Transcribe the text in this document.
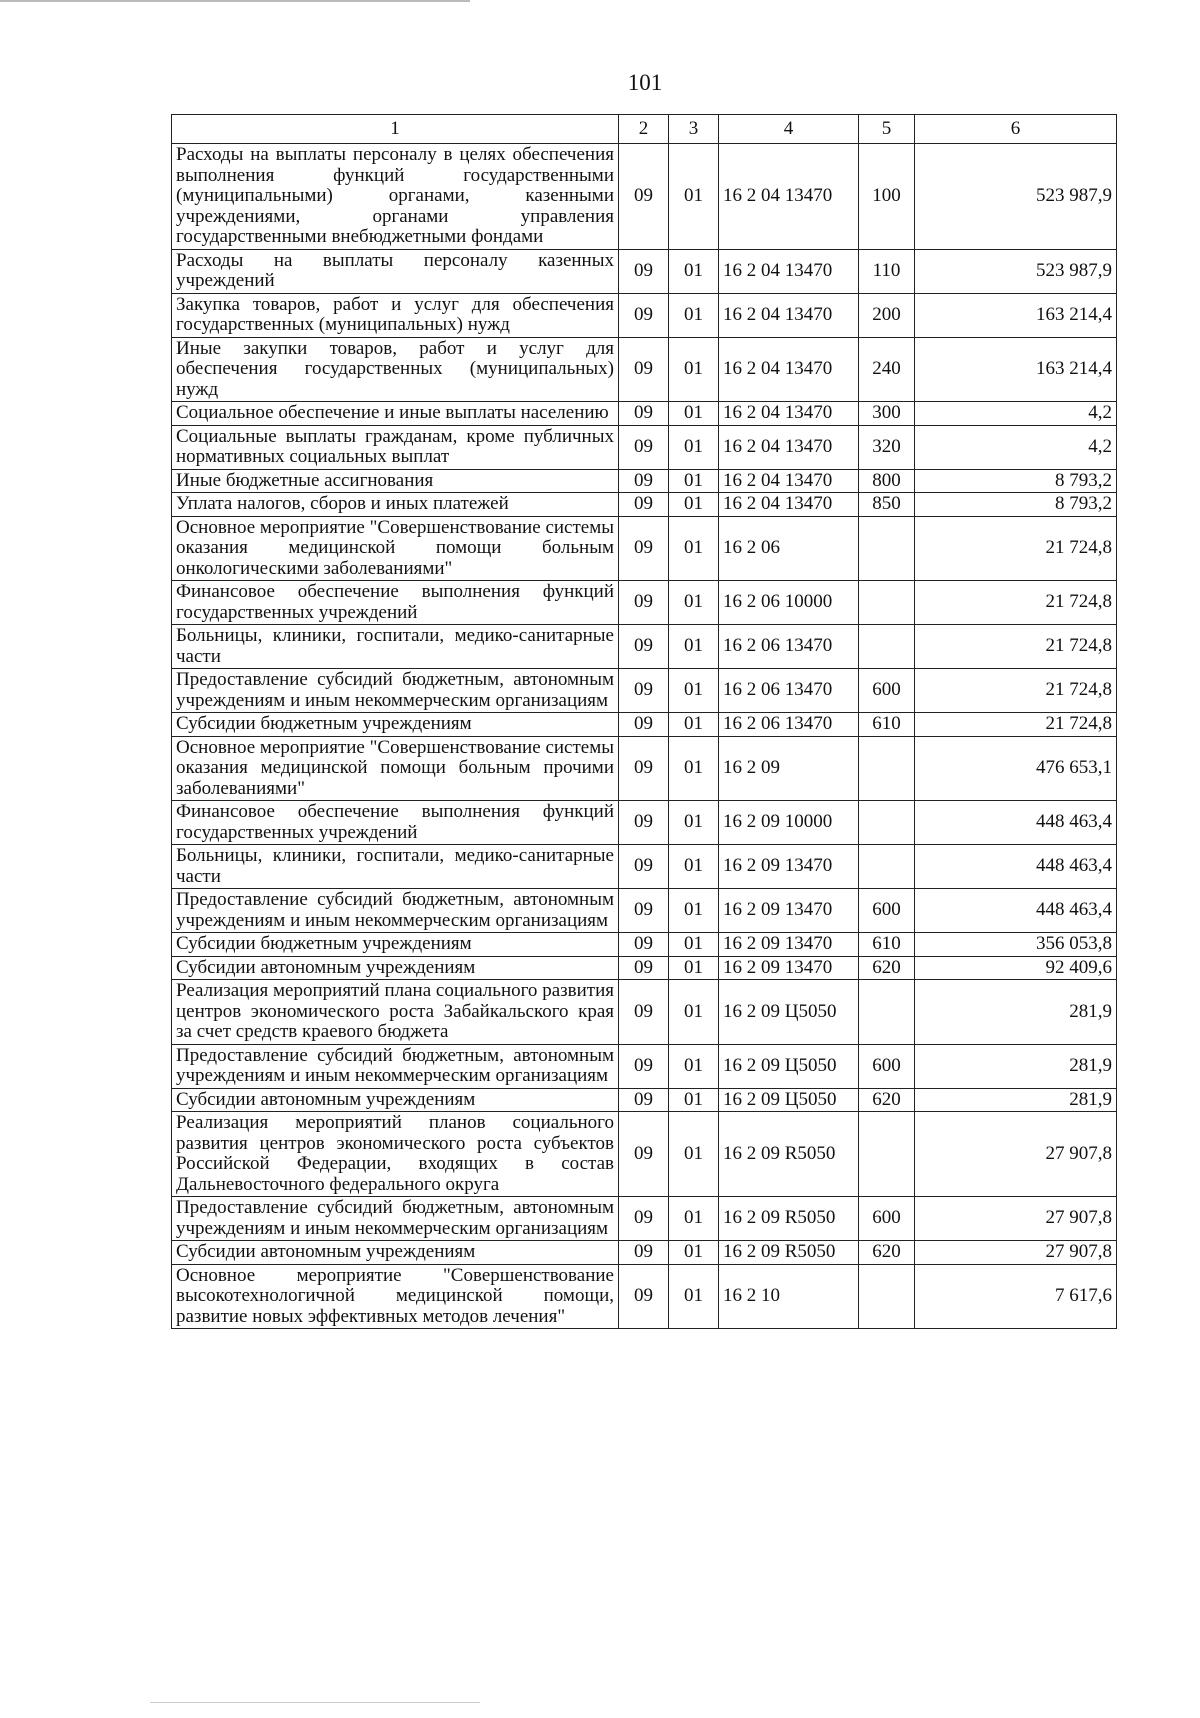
101
1	2	3	4	5	6
Расходы на выплаты персоналу в целях обеспечения выполнения функций государственными (муниципальными) органами, казенными учреждениями, органами управления государственными внебюджетными фондами	09	01	16 2 04 13470	100	523 987,9
Расходы на выплаты персоналу казенных учреждений	09	01	16 2 04 13470	110	523 987,9
Закупка товаров, работ и услуг для обеспечения государственных (муниципальных) нужд	09	01	16 2 04 13470	200	163 214,4
Иные закупки товаров, работ и услуг для обеспечения государственных (муниципальных) нужд	09	01	16 2 04 13470	240	163 214,4
Социальное обеспечение и иные выплаты населению	09	01	16 2 04 13470	300	4,2
Социальные выплаты гражданам, кроме публичных нормативных социальных выплат	09	01	16 2 04 13470	320	4,2
Иные бюджетные ассигнования	09	01	16 2 04 13470	800	8 793,2
Уплата налогов, сборов и иных платежей	09	01	16 2 04 13470	850	8 793,2
Основное мероприятие "Совершенствование системы оказания медицинской помощи больным онкологическими заболеваниями"	09	01	16 2 06		21 724,8
Финансовое обеспечение выполнения функций государственных учреждений	09	01	16 2 06 10000		21 724,8
Больницы, клиники, госпитали, медико-санитарные части	09	01	16 2 06 13470		21 724,8
Предоставление субсидий бюджетным, автономным учреждениям и иным некоммерческим организациям	09	01	16 2 06 13470	600	21 724,8
Субсидии бюджетным учреждениям	09	01	16 2 06 13470	610	21 724,8
Основное мероприятие "Совершенствование системы оказания медицинской помощи больным прочими заболеваниями"	09	01	16 2 09		476 653,1
Финансовое обеспечение выполнения функций государственных учреждений	09	01	16 2 09 10000		448 463,4
Больницы, клиники, госпитали, медико-санитарные части	09	01	16 2 09 13470		448 463,4
Предоставление субсидий бюджетным, автономным учреждениям и иным некоммерческим организациям	09	01	16 2 09 13470	600	448 463,4
Субсидии бюджетным учреждениям	09	01	16 2 09 13470	610	356 053,8
Субсидии автономным учреждениям	09	01	16 2 09 13470	620	92 409,6
Реализация мероприятий плана социального развития центров экономического роста Забайкальского края за счет средств краевого бюджета	09	01	16 2 09 Ц5050		281,9
Предоставление субсидий бюджетным, автономным учреждениям и иным некоммерческим организациям	09	01	16 2 09 Ц5050	600	281,9
Субсидии автономным учреждениям	09	01	16 2 09 Ц5050	620	281,9
Реализация мероприятий планов социального развития центров экономического роста субъектов Российской Федерации, входящих в состав Дальневосточного федерального округа	09	01	16 2 09 R5050		27 907,8
Предоставление субсидий бюджетным, автономным учреждениям и иным некоммерческим организациям	09	01	16 2 09 R5050	600	27 907,8
Субсидии автономным учреждениям	09	01	16 2 09 R5050	620	27 907,8
Основное мероприятие "Совершенствование высокотехнологичной медицинской помощи, развитие новых эффективных методов лечения"	09	01	16 2 10		7 617,6
